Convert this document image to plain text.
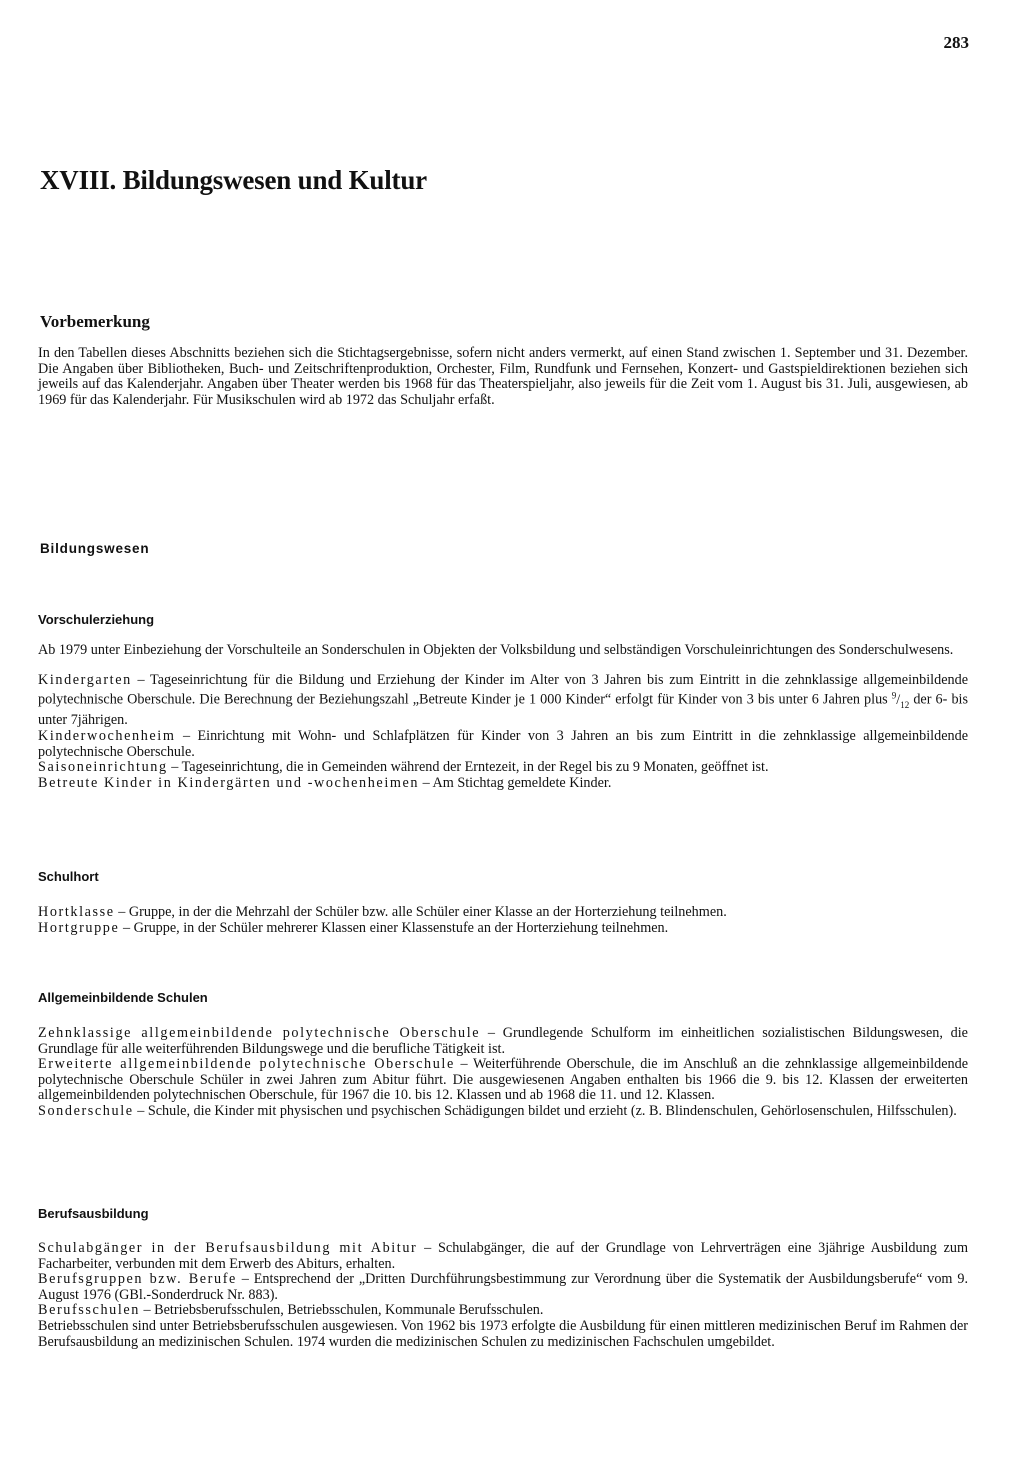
283
XVIII. Bildungswesen und Kultur
Vorbemerkung

In den Tabellen dieses Abschnitts beziehen sich die Stichtagsergebnisse, sofern nicht anders vermerkt, auf einen Stand zwischen 1. September und 31. Dezember. Die Angaben über Bibliotheken, Buch- und Zeitschriftenproduktion, Orchester, Film, Rundfunk und Fernsehen, Konzert- und Gastspieldirektionen beziehen sich jeweils auf das Kalenderjahr. Angaben über Theater werden bis 1968 für das Theaterspieljahr, also jeweils für die Zeit vom 1. August bis 31. Juli, ausgewiesen, ab 1969 für das Kalenderjahr. Für Musikschulen wird ab 1972 das Schuljahr erfaßt.

Bildungswesen
Vorschulerziehung

Ab 1979 unter Einbeziehung der Vorschulteile an Sonderschulen in Objekten der Volksbildung und selbständigen Vorschuleinrichtungen des Sonderschulwesens.

Kindergarten – Tageseinrichtung für die Bildung und Erziehung der Kinder im Alter von 3 Jahren bis zum Eintritt in die zehnklassige allgemeinbildende polytechnische Oberschule. Die Berechnung der Beziehungszahl „Betreute Kinder je 1 000 Kinder“ erfolgt für Kinder von 3 bis unter 6 Jahren plus $^9/_{12}$ der 6- bis unter 7jährigen.

Kinderwochenheim – Einrichtung mit Wohn- und Schlafplätzen für Kinder von 3 Jahren an bis zum Eintritt in die zehnklassige allgemeinbildende polytechnische Oberschule.

Saisoneinrichtung – Tageseinrichtung, die in Gemeinden während der Erntezeit, in der Regel bis zu 9 Monaten, geöffnet ist.

Betreute Kinder in Kindergärten und -wochenheimen – Am Stichtag gemeldete Kinder.

Schulhort

Hortklasse – Gruppe, in der die Mehrzahl der Schüler bzw. alle Schüler einer Klasse an der Horterziehung teilnehmen.

Hortgruppe – Gruppe, in der Schüler mehrerer Klassen einer Klassenstufe an der Horterziehung teilnehmen.

Allgemeinbildende Schulen

Zehnklassige allgemeinbildende polytechnische Oberschule – Grundlegende Schulform im einheitlichen sozialistischen Bildungswesen, die Grundlage für alle weiterführenden Bildungswege und die berufliche Tätigkeit ist.

Erweiterte allgemeinbildende polytechnische Oberschule – Weiterführende Oberschule, die im Anschluß an die zehnklassige allgemeinbildende polytechnische Oberschule Schüler in zwei Jahren zum Abitur führt. Die ausgewiesenen Angaben enthalten bis 1966 die 9. bis 12. Klassen der erweiterten allgemeinbildenden polytechnischen Oberschule, für 1967 die 10. bis 12. Klassen und ab 1968 die 11. und 12. Klassen.

Sonderschule – Schule, die Kinder mit physischen und psychischen Schädigungen bildet und erzieht (z. B. Blindenschulen, Gehörlosenschulen, Hilfsschulen).

Berufsausbildung

Schulabgänger in der Berufsausbildung mit Abitur – Schulabgänger, die auf der Grundlage von Lehrverträgen eine 3jährige Ausbildung zum Facharbeiter, verbunden mit dem Erwerb des Abiturs, erhalten.

Berufsgruppen bzw. Berufe – Entsprechend der „Dritten Durchführungsbestimmung zur Verordnung über die Systematik der Ausbildungsberufe“ vom 9. August 1976 (GBl.-Sonderdruck Nr. 883).

Berufsschulen – Betriebsberufsschulen, Betriebsschulen, Kommunale Berufsschulen.

Betriebsschulen sind unter Betriebsberufsschulen ausgewiesen. Von 1962 bis 1973 erfolgte die Ausbildung für einen mittleren medizinischen Beruf im Rahmen der Berufsausbildung an medizinischen Schulen. 1974 wurden die medizinischen Schulen zu medizinischen Fachschulen umgebildet.
